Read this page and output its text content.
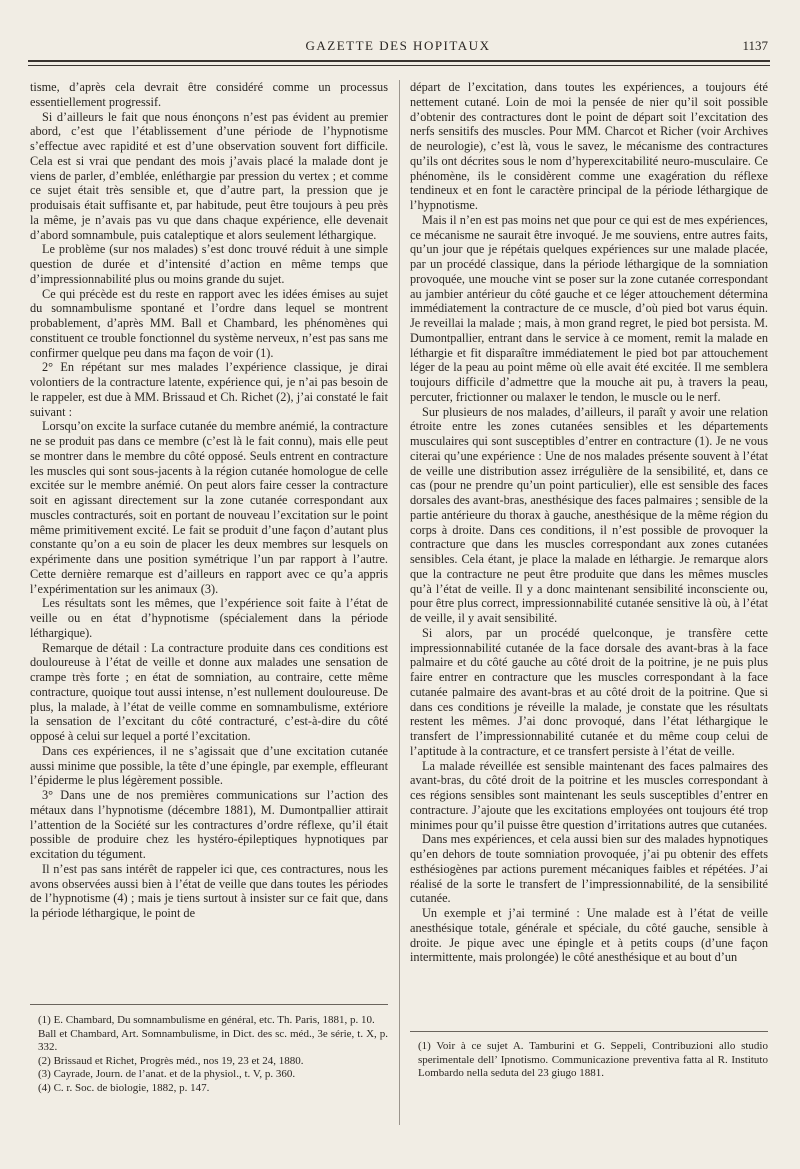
GAZETTE DES HOPITAUX	1137

tisme, d’après cela devrait être considéré comme un processus essentiellement progressif.

Si d’ailleurs le fait que nous énonçons n’est pas évident au premier abord, c’est que l’établissement d’une période de l’hypnotisme s’effectue avec rapidité et est d’une observation souvent fort difficile. Cela est si vrai que pendant des mois j’avais placé la malade dont je viens de parler, d’emblée, enléthargie par pression du vertex ; et comme ce sujet était très sensible et, que d’autre part, la pression que je produisais était suffisante et, par habitude, peut être toujours à peu près la même, je n’avais pas vu que dans chaque expérience, elle devenait d’abord somnambule, puis cataleptique et alors seulement léthargique.

Le problème (sur nos malades) s’est donc trouvé réduit à une simple question de durée et d’intensité d’action en même temps que d’impressionnabilité plus ou moins grande du sujet.

Ce qui précède est du reste en rapport avec les idées émises au sujet du somnambulisme spontané et l’ordre dans lequel se montrent probablement, d’après MM. Ball et Chambard, les phénomènes qui constituent ce trouble fonctionnel du système nerveux, n’est pas sans me confirmer quelque peu dans ma façon de voir (1).

2° En répétant sur mes malades l’expérience classique, je dirai volontiers de la contracture latente, expérience qui, je n’ai pas besoin de le rappeler, est due à MM. Brissaud et Ch. Richet (2), j’ai constaté le fait suivant :

Lorsqu’on excite la surface cutanée du membre anémié, la contracture ne se produit pas dans ce membre (c’est là le fait connu), mais elle peut se montrer dans le membre du côté opposé. Seuls entrent en contracture les muscles qui sont sous-jacents à la région cutanée homologue de celle excitée sur le membre anémié. On peut alors faire cesser la contracture soit en agissant directement sur la zone cutanée correspondant aux muscles contracturés, soit en portant de nouveau l’excitation sur le point même primitivement excité. Le fait se produit d’une façon d’autant plus constante qu’on a eu soin de placer les deux membres sur lesquels on expérimente dans une position symétrique l’un par rapport à l’autre. Cette dernière remarque est d’ailleurs en rapport avec ce qu’a appris l’expérimentation sur les animaux (3).

Les résultats sont les mêmes, que l’expérience soit faite à l’état de veille ou en état d’hypnotisme (spécialement dans la période léthargique).

Remarque de détail : La contracture produite dans ces conditions est douloureuse à l’état de veille et donne aux malades une sensation de crampe très forte ; en état de somniation, au contraire, cette même contracture, quoique tout aussi intense, n’est nullement douloureuse. De plus, la malade, à l’état de veille comme en somnambulisme, extériore la sensation de l’excitant du côté contracturé, c’est-à-dire du côté opposé à celui sur lequel a porté l’excitation.

Dans ces expériences, il ne s’agissait que d’une excitation cutanée aussi minime que possible, la tête d’une épingle, par exemple, effleurant l’épiderme le plus légèrement possible.

3° Dans une de nos premières communications sur l’action des métaux dans l’hypnotisme (décembre 1881), M. Dumontpallier attirait l’attention de la Société sur les contractures d’ordre réflexe, qu’il était possible de produire chez les hystéro-épileptiques hypnotiques par excitation du tégument.

Il n’est pas sans intérêt de rappeler ici que, ces contractures, nous les avons observées aussi bien à l’état de veille que dans toutes les périodes de l’hypnotisme (4) ; mais je tiens surtout à insister sur ce fait que, dans la période léthargique, le point de

départ de l’excitation, dans toutes les expériences, a toujours été nettement cutané. Loin de moi la pensée de nier qu’il soit possible d’obtenir des contractures dont le point de départ soit l’excitation des nerfs sensitifs des muscles. Pour MM. Charcot et Richer (voir Archives de neurologie), c’est là, vous le savez, le mécanisme des contractures qu’ils ont décrites sous le nom d’hyperexcitabilité neuro-musculaire. Ce phénomène, ils le considèrent comme une exagération du réflexe tendineux et en font le caractère principal de la période léthargique de l’hypnotisme.

Mais il n’en est pas moins net que pour ce qui est de mes expériences, ce mécanisme ne saurait être invoqué. Je me souviens, entre autres faits, qu’un jour que je répétais quelques expériences sur une malade placée, par un procédé classique, dans la période léthargique de la somniation provoquée, une mouche vint se poser sur la zone cutanée correspondant au jambier antérieur du côté gauche et ce léger attouchement détermina immédiatement la contracture de ce muscle, d’où pied bot varus équin. Je reveillai la malade ; mais, à mon grand regret, le pied bot persista. M. Dumontpallier, entrant dans le service à ce moment, remit la malade en léthargie et fit disparaître immédiatement le pied bot par attouchement léger de la peau au point même où elle avait été excitée. Il me semblera toujours difficile d’admettre que la mouche ait pu, à travers la peau, percuter, frictionner ou malaxer le tendon, le muscle ou le nerf.

Sur plusieurs de nos malades, d’ailleurs, il paraît y avoir une relation étroite entre les zones cutanées sensibles et les départements musculaires qui sont susceptibles d’entrer en contracture (1). Je ne vous citerai qu’une expérience : Une de nos malades présente souvent à l’état de veille une distribution assez irrégulière de la sensibilité, et, dans ce cas (pour ne prendre qu’un point particulier), elle est sensible des faces dorsales des avant-bras, anesthésique des faces palmaires ; sensible de la partie antérieure du thorax à gauche, anesthésique de la même région du corps à droite. Dans ces conditions, il n’est possible de provoquer la contracture que dans les muscles correspondant aux zones cutanées sensibles. Cela étant, je place la malade en léthargie. Je remarque alors que la contracture ne peut être produite que dans les mêmes muscles qu’à l’état de veille. Il y a donc maintenant sensibilité inconsciente ou, pour être plus correct, impressionnabilité cutanée sensitive là où, à l’état de veille, il y avait sensibilité.

Si alors, par un procédé quelconque, je transfère cette impressionnabilité cutanée de la face dorsale des avant-bras à la face palmaire et du côté gauche au côté droit de la poitrine, je ne puis plus faire entrer en contracture que les muscles correspondant à la face cutanée palmaire des avant-bras et au côté droit de la poitrine. Que si dans ces conditions je réveille la malade, je constate que les résultats restent les mêmes. J’ai donc provoqué, dans l’état léthargique le transfert de l’impressionnabilité cutanée et du même coup celui de l’aptitude à la contracture, et ce transfert persiste à l’état de veille.

La malade réveillée est sensible maintenant des faces palmaires des avant-bras, du côté droit de la poitrine et les muscles correspondant à ces régions sensibles sont maintenant les seuls susceptibles d’entrer en contracture. J’ajoute que les excitations employées ont toujours été trop minimes pour qu’il puisse être question d’irritations autres que cutanées.

Dans mes expériences, et cela aussi bien sur des malades hypnotiques qu’en dehors de toute somniation provoquée, j’ai pu obtenir des effets esthésiogènes par actions purement mécaniques faibles et répétées. J’ai réalisé de la sorte le transfert de l’impressionnabilité, de la sensibilité cutanée.

Un exemple et j’ai terminé : Une malade est à l’état de veille anesthésique totale, générale et spéciale, du côté gauche, sensible à droite. Je pique avec une épingle et à petits coups (d’une façon intermittente, mais prolongée) le côté anesthésique et au bout d’un

(1) E. Chambard, Du somnambulisme en général, etc. Th. Paris, 1881, p. 10.

Ball et Chambard, Art. Somnambulisme, in Dict. des sc. méd., 3e série, t. X, p. 332.

(2) Brissaud et Richet, Progrès méd., nos 19, 23 et 24, 1880.

(3) Cayrade, Journ. de l’anat. et de la physiol., t. V, p. 360.

(4) C. r. Soc. de biologie, 1882, p. 147.

(1) Voir à ce sujet A. Tamburini et G. Seppeli, Contribuzioni allo studio sperimentale dell’ Ipnotismo. Communicazione preventiva fatta al R. Instituto Lombardo nella seduta del 23 giugo 1881.
